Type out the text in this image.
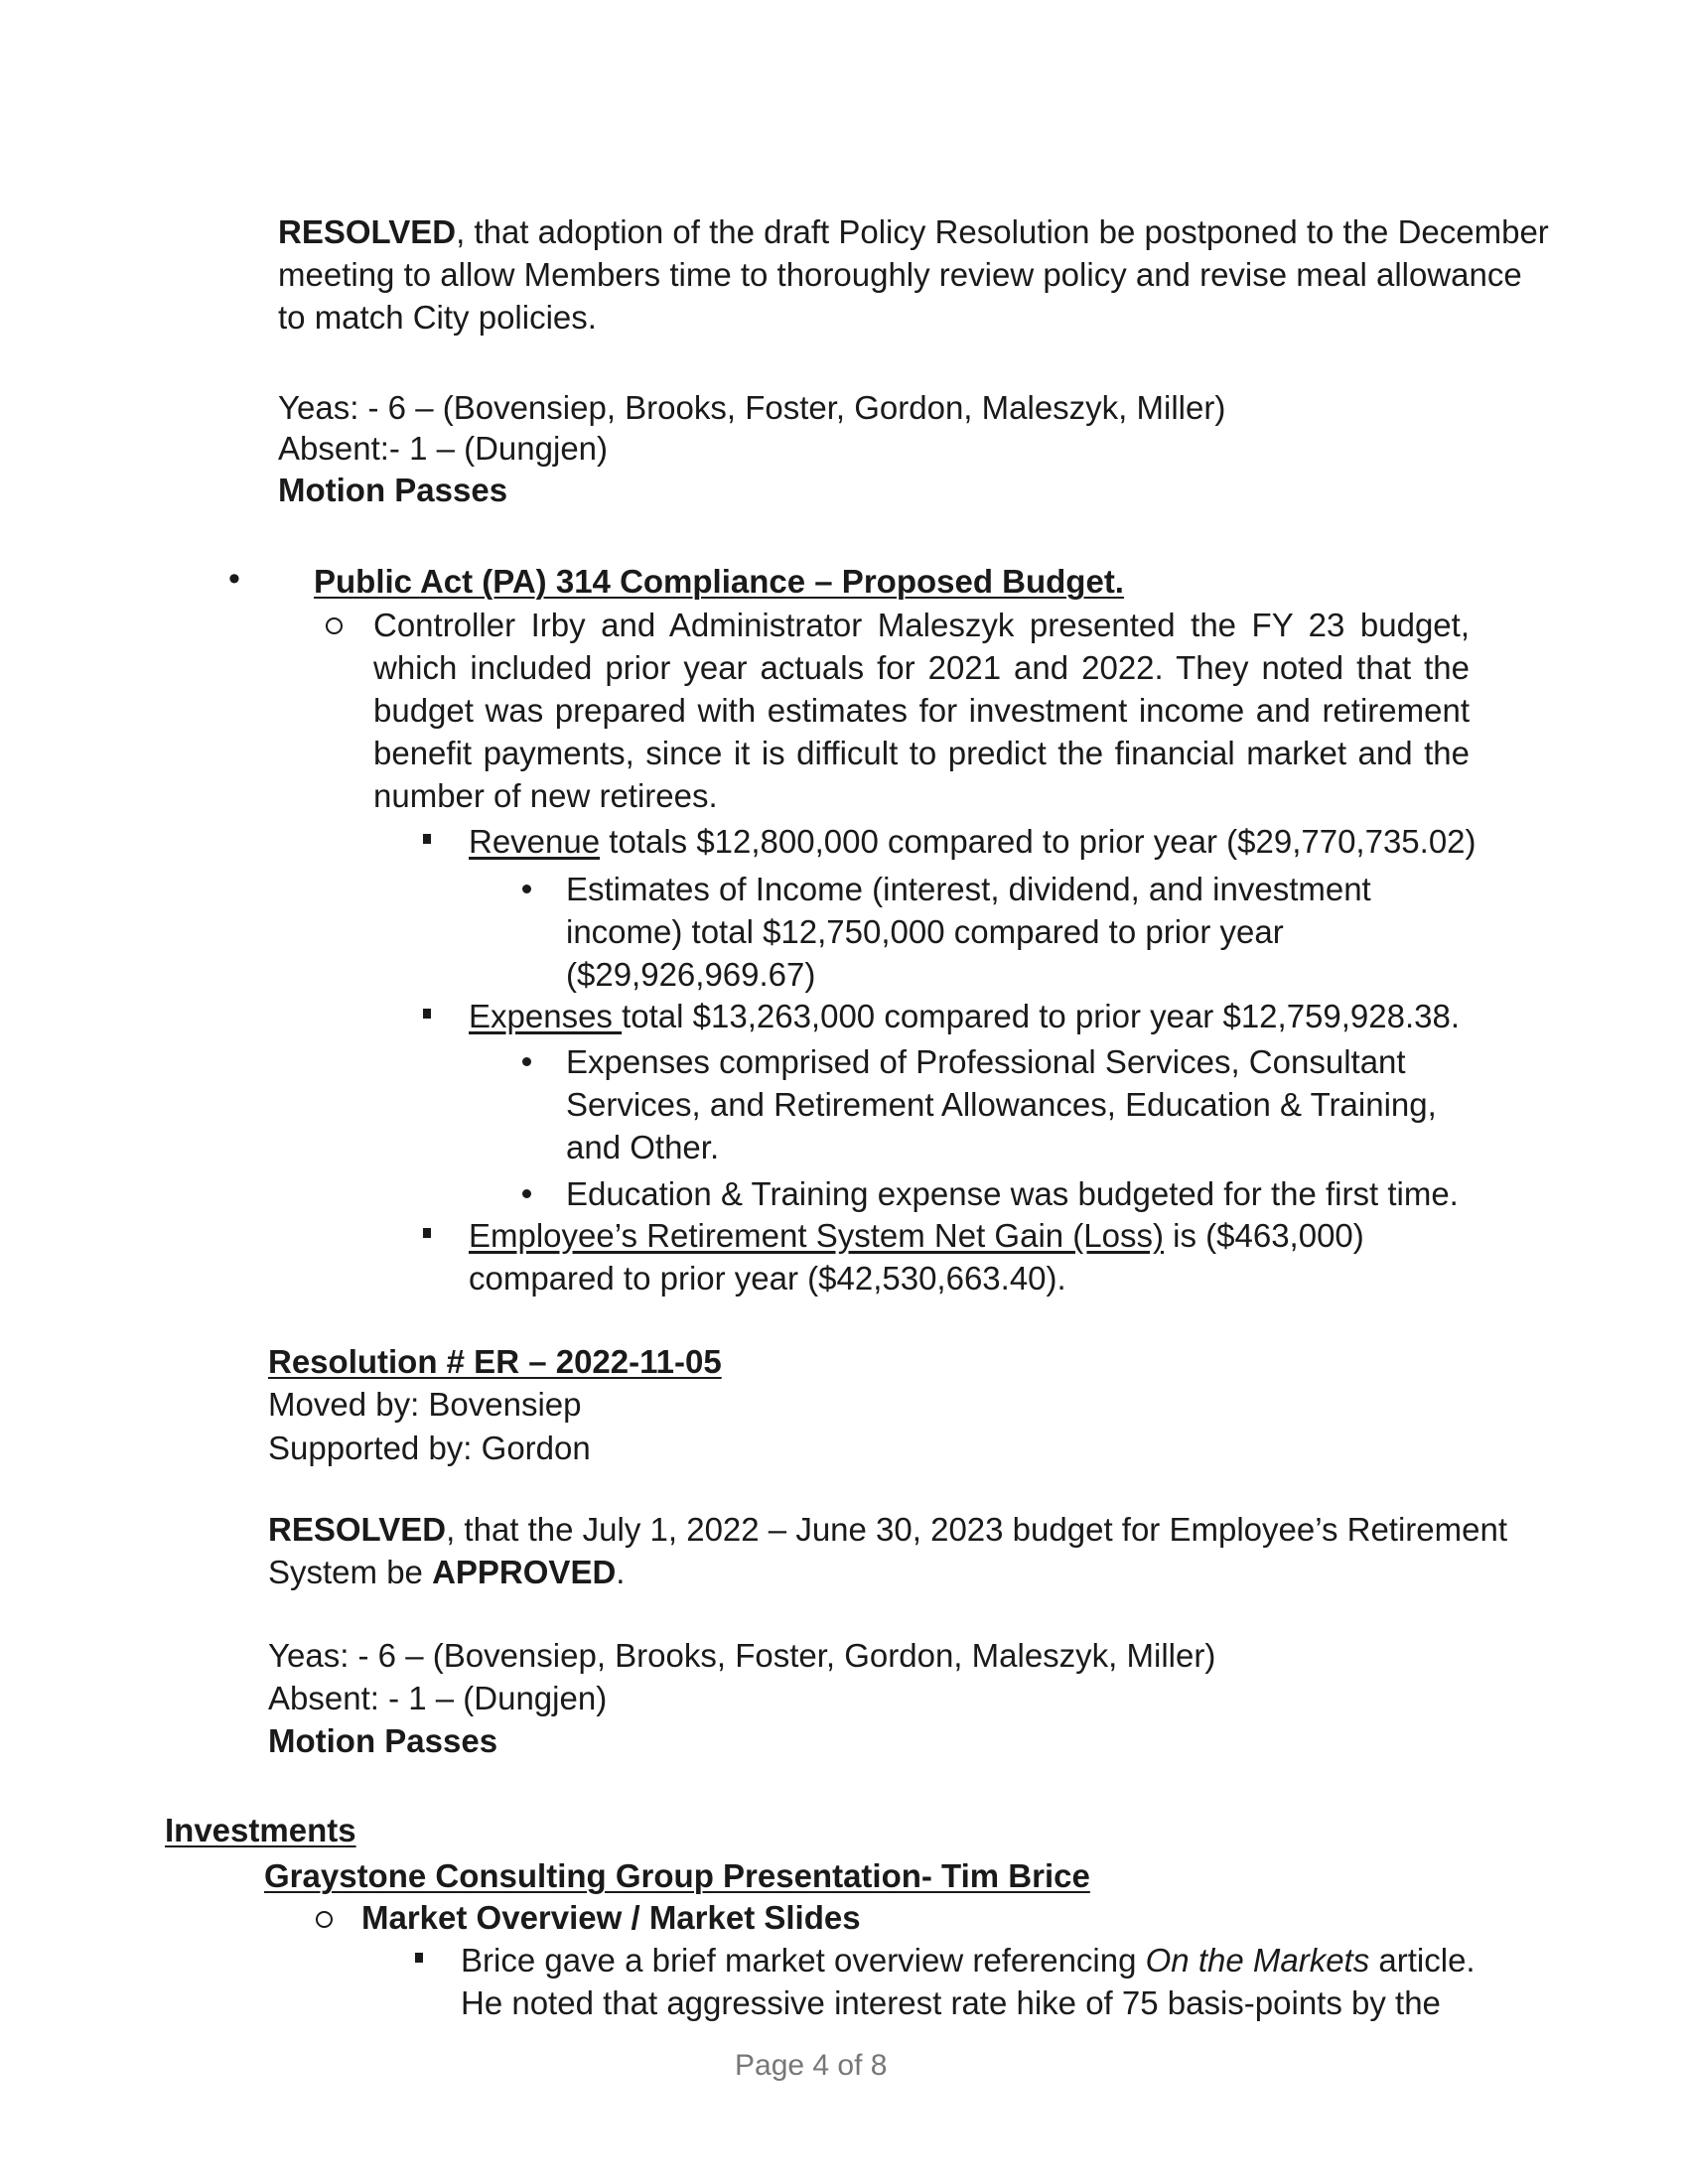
RESOLVED, that adoption of the draft Policy Resolution be postponed to the December meeting to allow Members time to thoroughly review policy and revise meal allowance to match City policies.
Yeas: - 6 – (Bovensiep, Brooks, Foster, Gordon, Maleszyk, Miller)
Absent:- 1 – (Dungjen)
Motion Passes
• Public Act (PA) 314 Compliance – Proposed Budget.
Controller Irby and Administrator Maleszyk presented the FY 23 budget, which included prior year actuals for 2021 and 2022. They noted that the budget was prepared with estimates for investment income and retirement benefit payments, since it is difficult to predict the financial market and the number of new retirees.
Revenue totals $12,800,000 compared to prior year ($29,770,735.02)
Estimates of Income (interest, dividend, and investment income) total $12,750,000 compared to prior year ($29,926,969.67)
Expenses total $13,263,000 compared to prior year $12,759,928.38.
Expenses comprised of Professional Services, Consultant Services, and Retirement Allowances, Education & Training, and Other.
Education & Training expense was budgeted for the first time.
Employee’s Retirement System Net Gain (Loss) is ($463,000) compared to prior year ($42,530,663.40).
Resolution # ER – 2022-11-05
Moved by: Bovensiep
Supported by: Gordon
RESOLVED, that the July 1, 2022 – June 30, 2023 budget for Employee’s Retirement System be APPROVED.
Yeas: - 6 – (Bovensiep, Brooks, Foster, Gordon, Maleszyk, Miller)
Absent: - 1 – (Dungjen)
Motion Passes
Investments
Graystone Consulting Group Presentation- Tim Brice
Market Overview / Market Slides
Brice gave a brief market overview referencing On the Markets article. He noted that aggressive interest rate hike of 75 basis-points by the
Page 4 of 8
